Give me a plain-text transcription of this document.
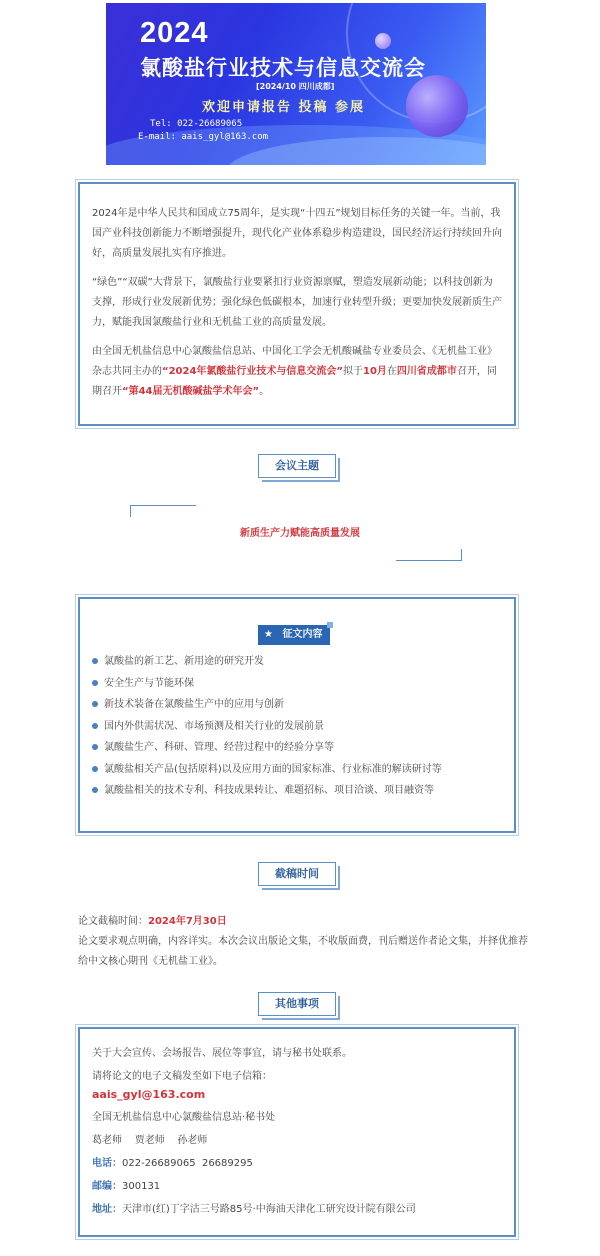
2024
氯酸盐行业技术与信息交流会
[2024/10 四川成都]
欢迎申请报告 投稿 参展
Tel: 022-26689065
E-mail: aais_gyl@163.com

2024年是中华人民共和国成立75周年，是实现“十四五”规划目标任务的关键一年。当前，我国产业科技创新能力不断增强提升，现代化产业体系稳步构造建设，国民经济运行持续回升向好，高质量发展扎实有序推进。

“绿色”“双碳”大背景下，氯酸盐行业要紧扣行业资源禀赋，塑造发展新动能；以科技创新为支撑，形成行业发展新优势；强化绿色低碳根本，加速行业转型升级；更要加快发展新质生产力，赋能我国氯酸盐行业和无机盐工业的高质量发展。

由全国无机盐信息中心氯酸盐信息站、中国化工学会无机酸碱盐专业委员会、《无机盐工业》杂志共同主办的“2024年氯酸盐行业技术与信息交流会”拟于10月在四川省成都市召开，同期召开“第44届无机酸碱盐学术年会”。

会议主题
新质生产力赋能高质量发展
氯酸盐的新工艺、新用途的研究开发
安全生产与节能环保
新技术装备在氯酸盐生产中的应用与创新
国内外供需状况、市场预测及相关行业的发展前景
氯酸盐生产、科研、管理、经营过程中的经验分享等
氯酸盐相关产品(包括原料)以及应用方面的国家标准、行业标准的解读研讨等
氯酸盐相关的技术专利、科技成果转让、难题招标、项目洽谈、项目融资等
★ 征文内容
截稿时间
论文截稿时间：2024年7月30日
论文要求观点明确，内容详实。本次会议出版论文集，不收版面费，刊后赠送作者论文集，并择优推荐给中文核心期刊《无机盐工业》。
其他事项

关于大会宣传、会场报告、展位等事宜，请与秘书处联系。

请将论文的电子文稿发至如下电子信箱：

aais_gyl@163.com

全国无机盐信息中心氯酸盐信息站·秘书处

葛老师    贾老师    孙老师

电话：022-26689065  26689295

邮编：300131

地址：天津市(红)丁字沽三号路85号·中海油天津化工研究设计院有限公司
